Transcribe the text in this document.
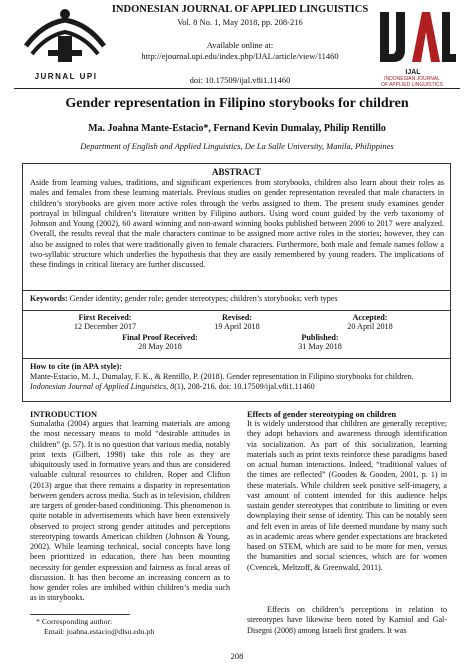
JURNAL UPI
INDONESIAN JOURNAL OF APPLIED LINGUISTICS
Vol. 8 No. 1, May 2018, pp. 208-216
Available online at:
http://ejournal.upi.edu/index.php/IJAL/article/view/11460
doi: 10.17509/ijal.v8i1.11460
IJAL
INDONESIAN JOURNAL
OF APPLIED LINGUISTICS
Gender representation in Filipino storybooks for children
Ma. Joahna Mante-Estacio*, Fernand Kevin Dumalay, Philip Rentillo
Department of English and Applied Linguistics, De La Salle University, Manila, Philippines
ABSTRACT
Aside from learning values, traditions, and significant experiences from storybooks, children also learn about their roles as males and females from these learning materials. Previous studies on gender representation revealed that male characters in children’s storybooks are given more active roles through the verbs assigned to them. The present study examines gender portrayal in bilingual children’s literature written by Filipino authors. Using word count guided by the verb taxonomy of Johnson and Young (2002), 60 award winning and non-award winning books published between 2006 to 2017 were analyzed. Overall, the results reveal that the male characters continue to be assigned more active roles in the stories; however, they can also be assigned to roles that were traditionally given to female characters. Furthermore, both male and female names follow a two-syllabic structure which underlies the hypothesis that they are easily remembered by young readers. The implications of these findings in critical literacy are further discussed.
Keywords: Gender identity; gender role; gender stereotypes; children’s storybooks; verb types
First Received:
12 December 2017
Revised:
19 April 2018
Accepted:
20 April 2018
Final Proof Received:
28 May 2018
Published:
31 May 2018
How to cite (in APA style):
Mante-Estacio, M. J., Dumalay, F. K., & Rentillo, P. (2018). Gender representation in Filipino storybooks for children. Indonesian Journal of Applied Linguistics, 8(1), 208-216. doi: 10.17509/ijal.v8i1.11460
INTRODUCTION
Sumalatha (2004) argues that learning materials are among the most necessary means to mold “desirable attitudes in children” (p. 57). It is no question that various media, notably print texts (Gilbert, 1998) take this role as they are ubiquitously used in formative years and thus are considered valuable cultural resources to children. Roper and Clifton (2013) argue that there remains a disparity in representation between genders across media. Such as in television, children are targets of gender-based conditioning. This phenomenon is quite notable in advertisements which have been extensively observed to project strong gender attitudes and perceptions stereotyping towards American children (Johnson & Young, 2002). While learning technical, social concepts have long been prioritized in education, there has been mounting necessity for gender expression and fairness as focal areas of discussion. It has then become an increasing concern as to how gender roles are imbibed within children’s media such as in storybooks.
Effects of gender stereotyping on children
It is widely understood that children are generally receptive; they adopt behaviors and awareness through identification via socialization. As part of this socialization, learning materials such as print texts reinforce these paradigms based on actual human interactions. Indeed, “traditional values of the times are reflected” (Gooden & Gooden, 2001, p. 1) in these materials. While children seek positive self-imagery, a vast amount of content intended for this audience helps sustain gender stereotypes that contribute to limiting or even downplaying their sense of identity. This can be notably seen and felt even in areas of life deemed mundane by many such as in academic areas where gender expectations are bracketed based on STEM, which are said to be more for men, versus the humanities and social sciences, which are for women (Cvencek, Meltzoff, & Greenwald, 2011).
Effects on children’s perceptions in relation to stereotypes have likewise been noted by Karniol and Gal-Disegni (2008) among Israeli first graders. It was
* Corresponding author:
Email: joahna.estacio@dlsu.edu.ph
208
